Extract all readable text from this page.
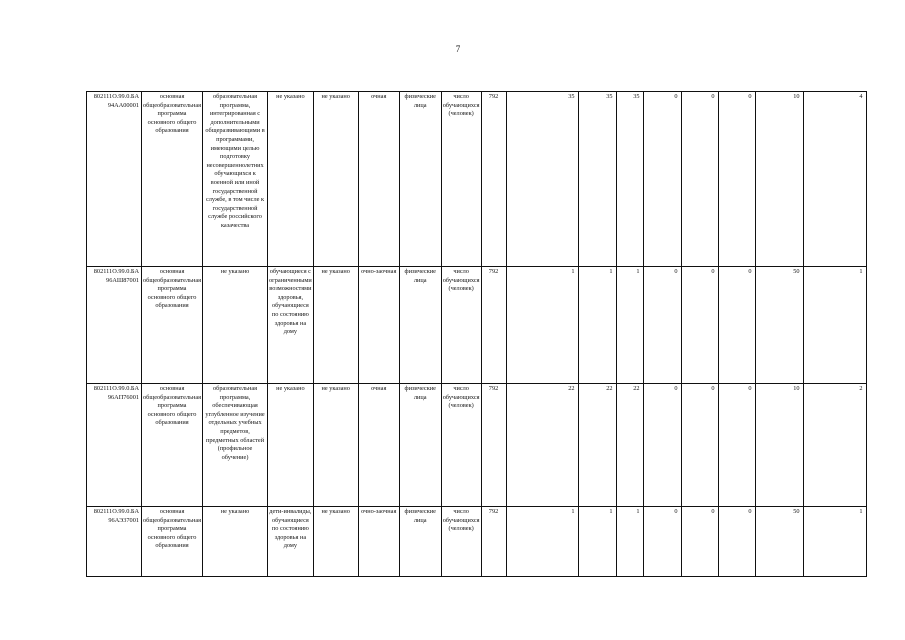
7
802111О.99.0.БА 94АА00001	основная общеобразовательная программа основного общего образования	образовательная программа, интегрированная с дополнительными общеразвивающими в программами, имеющими целью подготовку несовершеннолетних обучающихся к военной или иной государственной службе, в том числе к государственной службе российского казачества	не указано	не указано	очная	физические лица	число обучающихся (человек)	792	35	35	35	0	0	0	10	4
802111О.99.0.БА 96АШ87001	основная общеобразовательная программа основного общего образования	не указано	обучающиеся с ограниченными возможностями здоровья, обучающиеся по состоянию здоровья на дому	не указано	очно-заочная	физические лица	число обучающихся (человек)	792	1	1	1	0	0	0	50	1
802111О.99.0.БА 96АП76001	основная общеобразовательная программа основного общего образования	образовательная программа, обеспечивающая углубленное изучение отдельных учебных предметов, предметных областей (профильное обучение)	не указано	не указано	очная	физические лица	число обучающихся (человек)	792	22	22	22	0	0	0	10	2
802111О.99.0.БА 96АЭ37001	основная общеобразовательная программа основного общего образования	не указано	дети-инвалиды, обучающиеся по состоянию здоровья на дому	не указано	очно-заочная	физические лица	число обучающихся (человек)	792	1	1	1	0	0	0	50	1
